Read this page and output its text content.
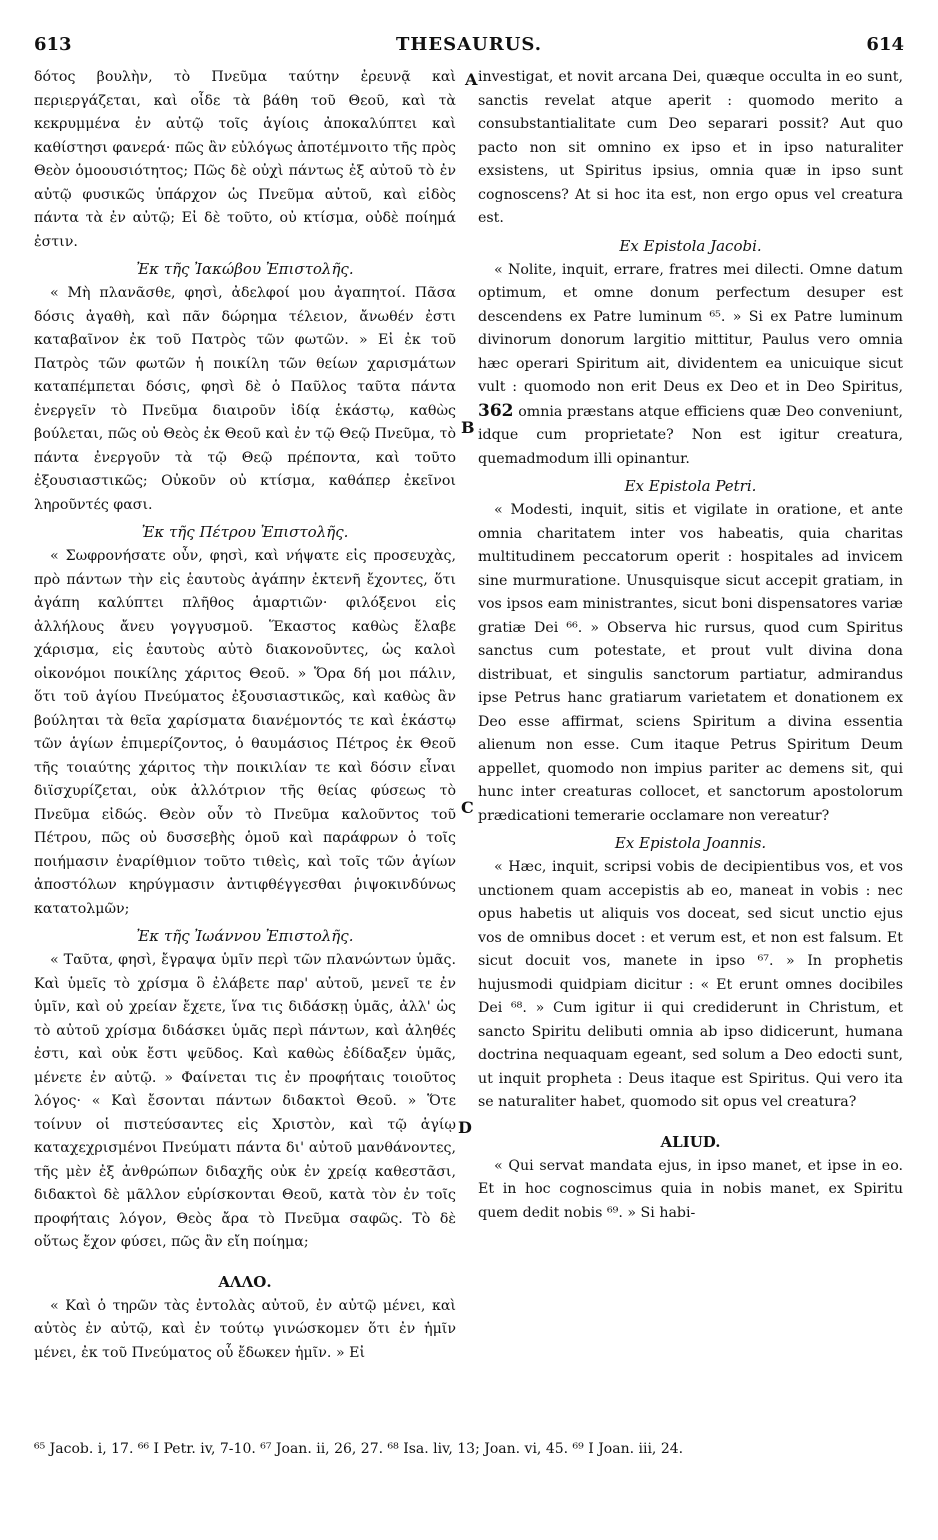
613	THESAURUS.	614

δότος βουλὴν, τὸ Πνεῦμα ταύτην ἐρευνᾷ καὶ περιεργάζεται, καὶ οἶδε τὰ βάθη τοῦ Θεοῦ, καὶ τὰ κεκρυμμένα ἐν αὐτῷ τοῖς ἁγίοις ἀποκαλύπτει καὶ καθίστησι φανερά· πῶς ἂν εὐλόγως ἀποτέμνοιτο τῆς πρὸς Θεὸν ὁμοουσιότητος; Πῶς δὲ οὐχὶ πάντως ἐξ αὐτοῦ τὸ ἐν αὐτῷ φυσικῶς ὑπάρχον ὡς Πνεῦμα αὐτοῦ, καὶ εἰδὸς πάντα τὰ ἐν αὐτῷ; Εἰ δὲ τοῦτο, οὐ κτίσμα, οὐδὲ ποίημά ἐστιν.

Ἐκ τῆς Ἰακώβου Ἐπιστολῆς.

« Μὴ πλανᾶσθε, φησὶ, ἀδελφοί μου ἀγαπητοί. Πᾶσα δόσις ἀγαθὴ, καὶ πᾶν δώρημα τέλειον, ἄνωθέν ἐστι καταβαῖνον ἐκ τοῦ Πατρὸς τῶν φωτῶν. » Εἰ ἐκ τοῦ Πατρὸς τῶν φωτῶν ἡ ποικίλη τῶν θείων χαρισμάτων καταπέμπεται δόσις, φησὶ δὲ ὁ Παῦλος ταῦτα πάντα ἐνεργεῖν τὸ Πνεῦμα διαιροῦν ἰδίᾳ ἑκάστῳ, καθὼς βούλεται, πῶς οὐ Θεὸς ἐκ Θεοῦ καὶ ἐν τῷ Θεῷ Πνεῦμα, τὸ πάντα ἐνεργοῦν τὰ τῷ Θεῷ πρέποντα, καὶ τοῦτο ἐξουσιαστικῶς; Οὐκοῦν οὐ κτίσμα, καθάπερ ἐκεῖνοι ληροῦντές φασι.

Ἐκ τῆς Πέτρου Ἐπιστολῆς.

« Σωφρονήσατε οὖν, φησὶ, καὶ νήψατε εἰς προσευχὰς, πρὸ πάντων τὴν εἰς ἑαυτοὺς ἀγάπην ἐκτενῆ ἔχοντες, ὅτι ἀγάπη καλύπτει πλῆθος ἁμαρτιῶν· φιλόξενοι εἰς ἀλλήλους ἄνευ γογγυσμοῦ. Ἕκαστος καθὼς ἔλαβε χάρισμα, εἰς ἑαυτοὺς αὐτὸ διακονοῦντες, ὡς καλοὶ οἰκονόμοι ποικίλης χάριτος Θεοῦ. » Ὅρα δή μοι πάλιν, ὅτι τοῦ ἁγίου Πνεύματος ἐξουσιαστικῶς, καὶ καθὼς ἂν βούληται τὰ θεῖα χαρίσματα διανέμοντός τε καὶ ἑκάστῳ τῶν ἁγίων ἐπιμερίζοντος, ὁ θαυμάσιος Πέτρος ἐκ Θεοῦ τῆς τοιαύτης χάριτος τὴν ποικιλίαν τε καὶ δόσιν εἶναι διϊσχυρίζεται, οὐκ ἀλλότριον τῆς θείας φύσεως τὸ Πνεῦμα εἰδώς. Θεὸν οὖν τὸ Πνεῦμα καλοῦντος τοῦ Πέτρου, πῶς οὐ δυσσεβὴς ὁμοῦ καὶ παράφρων ὁ τοῖς ποιήμασιν ἐναρίθμιον τοῦτο τιθεὶς, καὶ τοῖς τῶν ἁγίων ἀποστόλων κηρύγμασιν ἀντιφθέγγεσθαι ῥιψοκινδύνως κατατολμῶν;

Ἐκ τῆς Ἰωάννου Ἐπιστολῆς.

« Ταῦτα, φησὶ, ἔγραψα ὑμῖν περὶ τῶν πλανώντων ὑμᾶς. Καὶ ὑμεῖς τὸ χρίσμα ὃ ἐλάβετε παρ' αὐτοῦ, μενεῖ τε ἐν ὑμῖν, καὶ οὐ χρείαν ἔχετε, ἵνα τις διδάσκῃ ὑμᾶς, ἀλλ' ὡς τὸ αὐτοῦ χρίσμα διδάσκει ὑμᾶς περὶ πάντων, καὶ ἀληθές ἐστι, καὶ οὐκ ἔστι ψεῦδος. Καὶ καθὼς ἐδίδαξεν ὑμᾶς, μένετε ἐν αὐτῷ. » Φαίνεται τις ἐν προφήταις τοιοῦτος λόγος· « Καὶ ἔσονται πάντων διδακτοὶ Θεοῦ. » Ὅτε τοίνυν οἱ πιστεύσαντες εἰς Χριστὸν, καὶ τῷ ἁγίῳ καταχεχρισμένοι Πνεύματι πάντα δι' αὐτοῦ μανθάνοντες, τῆς μὲν ἐξ ἀνθρώπων διδαχῆς οὐκ ἐν χρείᾳ καθεστᾶσι, διδακτοὶ δὲ μᾶλλον εὑρίσκονται Θεοῦ, κατὰ τὸν ἐν τοῖς προφήταις λόγον, Θεὸς ἄρα τὸ Πνεῦμα σαφῶς. Τὸ δὲ οὕτως ἔχον φύσει, πῶς ἂν εἴη ποίημα;

ΑΛΛΟ.

« Καὶ ὁ τηρῶν τὰς ἐντολὰς αὐτοῦ, ἐν αὐτῷ μένει, καὶ αὐτὸς ἐν αὐτῷ, καὶ ἐν τούτῳ γινώσκομεν ὅτι ἐν ἡμῖν μένει, ἐκ τοῦ Πνεύματος οὗ ἔδωκεν ἡμῖν. » Εἰ

A
B
C
D

investigat, et novit arcana Dei, quæque occulta in eo sunt, sanctis revelat atque aperit : quomodo merito a consubstantialitate cum Deo separari possit? Aut quo pacto non sit omnino ex ipso et in ipso naturaliter exsistens, ut Spiritus ipsius, omnia quæ in ipso sunt cognoscens? At si hoc ita est, non ergo opus vel creatura est.

Ex Epistola Jacobi.

« Nolite, inquit, errare, fratres mei dilecti. Omne datum optimum, et omne donum perfectum desuper est descendens ex Patre luminum ⁶⁵. » Si ex Patre luminum divinorum donorum largitio mittitur, Paulus vero omnia hæc operari Spiritum ait, dividentem ea unicuique sicut vult : quomodo non erit Deus ex Deo et in Deo Spiritus, 362 omnia præstans atque efficiens quæ Deo conveniunt, idque cum proprietate? Non est igitur creatura, quemadmodum illi opinantur.

Ex Epistola Petri.

« Modesti, inquit, sitis et vigilate in oratione, et ante omnia charitatem inter vos habeatis, quia charitas multitudinem peccatorum operit : hospitales ad invicem sine murmuratione. Unusquisque sicut accepit gratiam, in vos ipsos eam ministrantes, sicut boni dispensatores variæ gratiæ Dei ⁶⁶. » Observa hic rursus, quod cum Spiritus sanctus cum potestate, et prout vult divina dona distribuat, et singulis sanctorum partiatur, admirandus ipse Petrus hanc gratiarum varietatem et donationem ex Deo esse affirmat, sciens Spiritum a divina essentia alienum non esse. Cum itaque Petrus Spiritum Deum appellet, quomodo non impius pariter ac demens sit, qui hunc inter creaturas collocet, et sanctorum apostolorum prædicationi temerarie occlamare non vereatur?

Ex Epistola Joannis.

« Hæc, inquit, scripsi vobis de decipientibus vos, et vos unctionem quam accepistis ab eo, maneat in vobis : nec opus habetis ut aliquis vos doceat, sed sicut unctio ejus vos de omnibus docet : et verum est, et non est falsum. Et sicut docuit vos, manete in ipso ⁶⁷. » In prophetis hujusmodi quidpiam dicitur : « Et erunt omnes docibiles Dei ⁶⁸. » Cum igitur ii qui crediderunt in Christum, et sancto Spiritu delibuti omnia ab ipso didicerunt, humana doctrina nequaquam egeant, sed solum a Deo edocti sunt, ut inquit propheta : Deus itaque est Spiritus. Qui vero ita se naturaliter habet, quomodo sit opus vel creatura?

ALIUD.

« Qui servat mandata ejus, in ipso manet, et ipse in eo. Et in hoc cognoscimus quia in nobis manet, ex Spiritu quem dedit nobis ⁶⁹. » Si habi-

⁶⁵ Jacob. i, 17. ⁶⁶ I Petr. iv, 7-10. ⁶⁷ Joan. ii, 26, 27. ⁶⁸ Isa. liv, 13; Joan. vi, 45. ⁶⁹ I Joan. iii, 24.
